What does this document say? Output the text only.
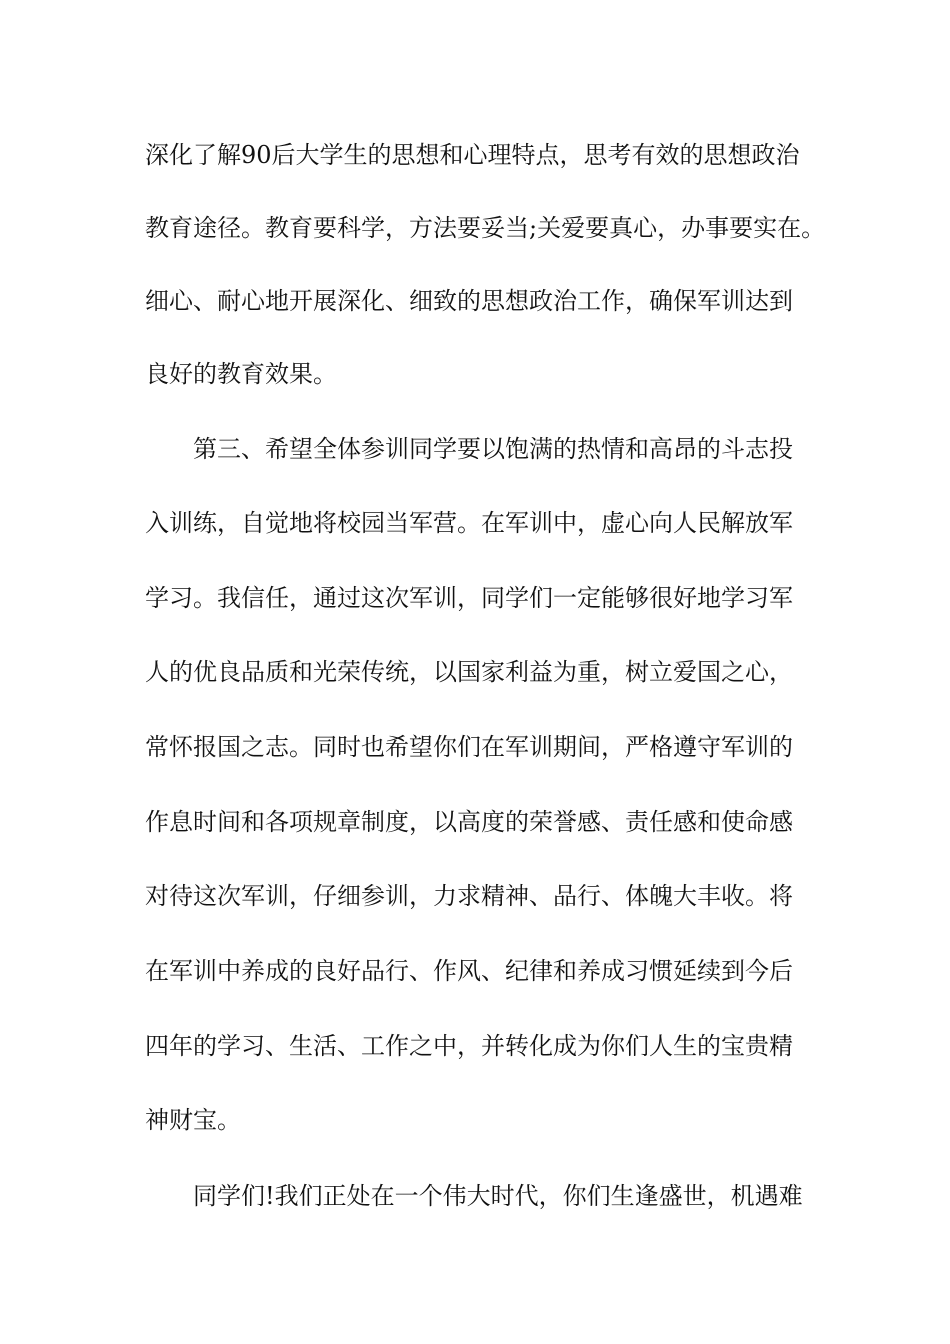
深化了解90后大学生的思想和心理特点，思考有效的思想政治
教育途径。教育要科学，方法要妥当;关爱要真心，办事要实在。
细心、耐心地开展深化、细致的思想政治工作，确保军训达到
良好的教育效果。
第三、希望全体参训同学要以饱满的热情和高昂的斗志投
入训练，自觉地将校园当军营。在军训中，虚心向人民解放军
学习。我信任，通过这次军训，同学们一定能够很好地学习军
人的优良品质和光荣传统，以国家利益为重，树立爱国之心，
常怀报国之志。同时也希望你们在军训期间，严格遵守军训的
作息时间和各项规章制度，以高度的荣誉感、责任感和使命感
对待这次军训，仔细参训，力求精神、品行、体魄大丰收。将
在军训中养成的良好品行、作风、纪律和养成习惯延续到今后
四年的学习、生活、工作之中，并转化成为你们人生的宝贵精
神财宝。
同学们!我们正处在一个伟大时代，你们生逢盛世，机遇难
